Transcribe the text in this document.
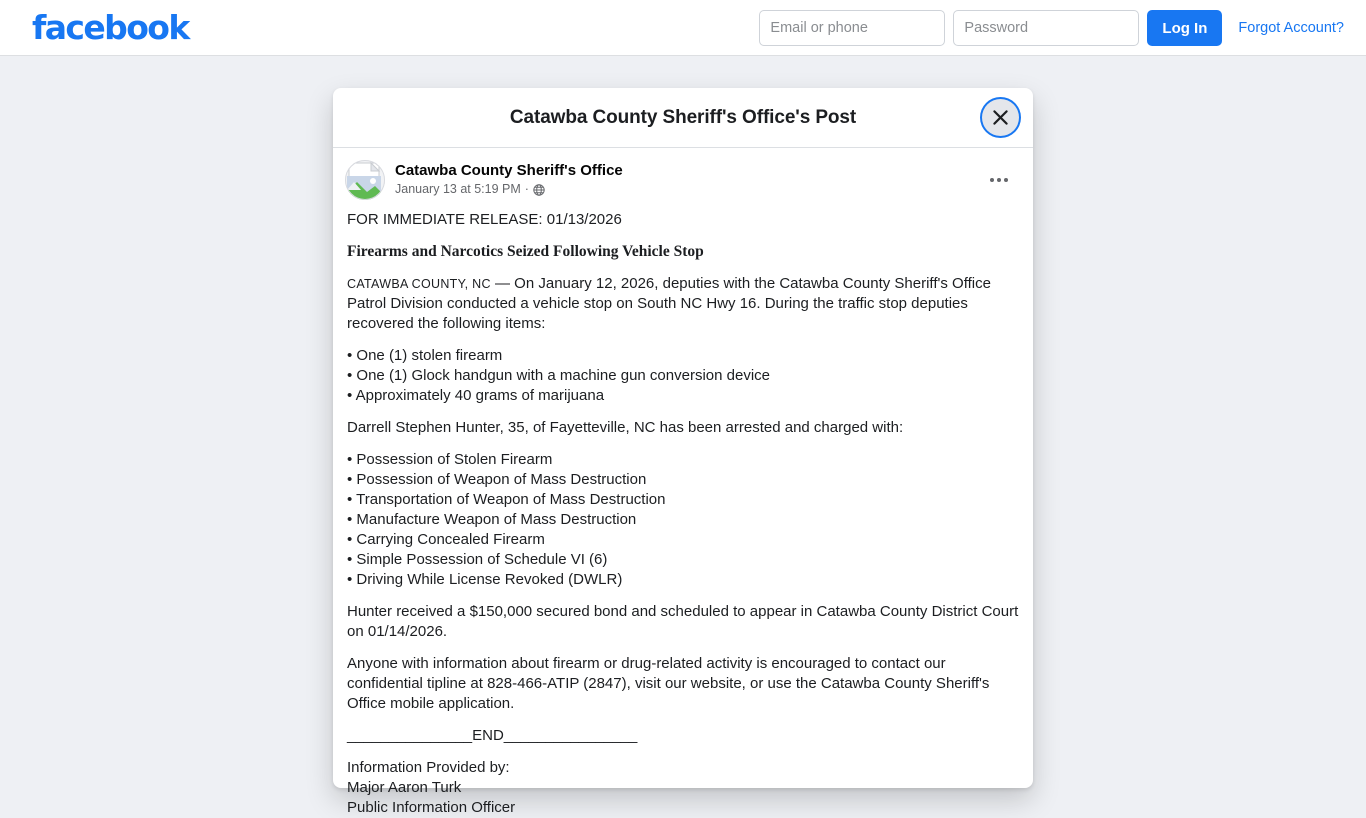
facebook
Email or phone	Log In	Forgot Account?
Catawba County Sheriff's Office's Post
Catawba County Sheriff's Office
January 13 at 5:19 PM ·

FOR IMMEDIATE RELEASE: 01/13/2026

Firearms and Narcotics Seized Following Vehicle Stop

CATAWBA COUNTY, NC — On January 12, 2026, deputies with the Catawba County Sheriff's Office Patrol Division conducted a vehicle stop on South NC Hwy 16. During the traffic stop deputies recovered the following items:

• One (1) stolen firearm
• One (1) Glock handgun with a machine gun conversion device
• Approximately 40 grams of marijuana

Darrell Stephen Hunter, 35, of Fayetteville, NC has been arrested and charged with:

• Possession of Stolen Firearm
• Possession of Weapon of Mass Destruction
• Transportation of Weapon of Mass Destruction
• Manufacture Weapon of Mass Destruction
• Carrying Concealed Firearm
• Simple Possession of Schedule VI (6)
• Driving While License Revoked (DWLR)

Hunter received a $150,000 secured bond and scheduled to appear in Catawba County District Court on 01/14/2026.

Anyone with information about firearm or drug-related activity is encouraged to contact our confidential tipline at 828-466-ATIP (2847), visit our website, or use the Catawba County Sheriff's Office mobile application.

_______________END________________

Information Provided by:
Major Aaron Turk
Public Information Officer
